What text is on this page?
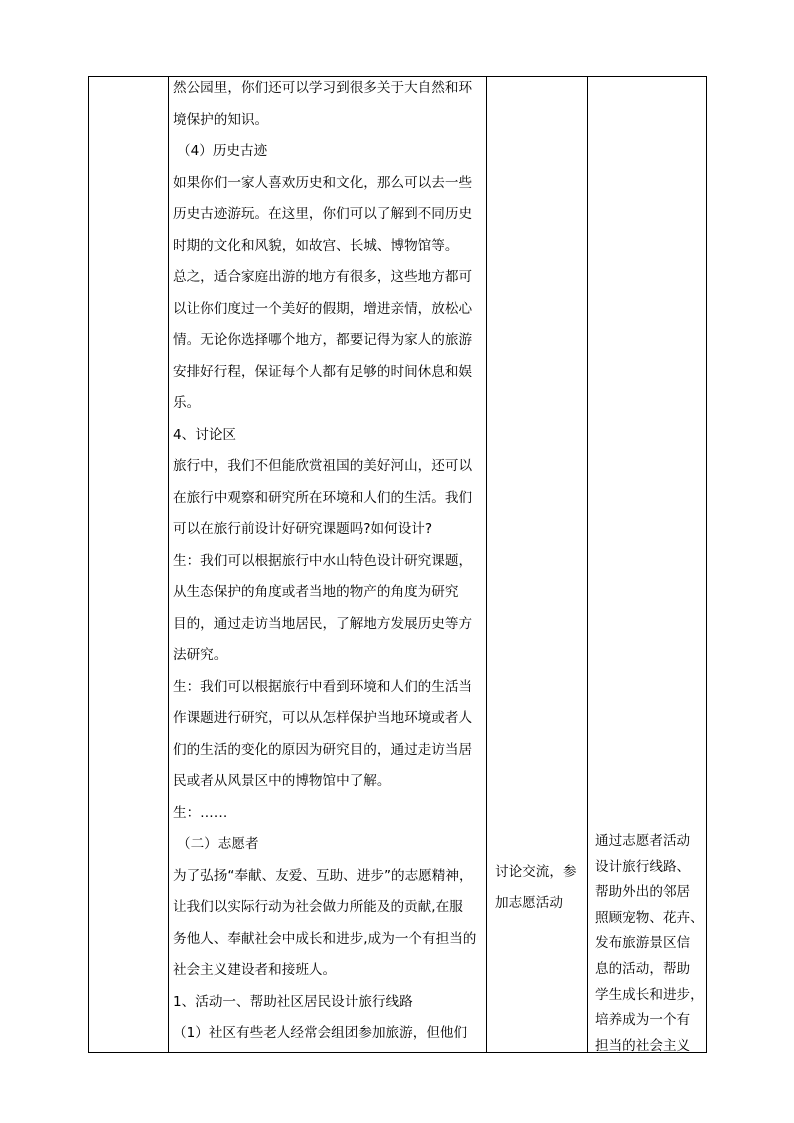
然公园里，你们还可以学习到很多关于大自然和环
境保护的知识。
（4）历史古迹
如果你们一家人喜欢历史和文化，那么可以去一些
历史古迹游玩。在这里，你们可以了解到不同历史
时期的文化和风貌，如故宫、长城、博物馆等。
总之，适合家庭出游的地方有很多，这些地方都可
以让你们度过一个美好的假期，增进亲情，放松心
情。无论你选择哪个地方，都要记得为家人的旅游
安排好行程，保证每个人都有足够的时间休息和娱
乐。
4、讨论区
旅行中，我们不但能欣赏祖国的美好河山，还可以
在旅行中观察和研究所在环境和人们的生活。我们
可以在旅行前设计好研究课题吗?如何设计?
生：我们可以根据旅行中水山特色设计研究课题，
从生态保护的角度或者当地的物产的角度为研究
目的，通过走访当地居民，了解地方发展历史等方
法研究。
生：我们可以根据旅行中看到环境和人们的生活当
作课题进行研究，可以从怎样保护当地环境或者人
们的生活的变化的原因为研究目的，通过走访当居
民或者从风景区中的博物馆中了解。
生：……
（二）志愿者
为了弘扬“奉献、友爱、互助、进步”的志愿精神，
让我们以实际行动为社会做力所能及的贡献,在服
务他人、奉献社会中成长和进步,成为一个有担当的
社会主义建设者和接班人。
1、活动一、帮助社区居民设计旅行线路
（1）社区有些老人经常会组团参加旅游，但他们
讨论交流，参
加志愿活动
通过志愿者活动
设计旅行线路、
帮助外出的邻居
照顾宠物、花卉、
发布旅游景区信
息的活动，帮助
学生成长和进步，
培养成为一个有
担当的社会主义
